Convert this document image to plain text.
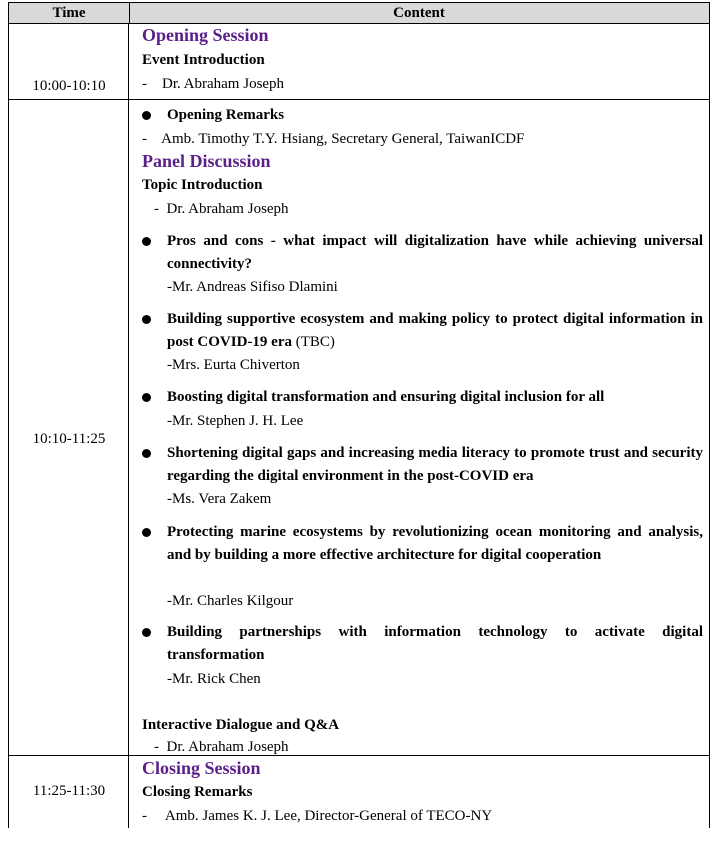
Time	Content
10:00-10:10
Opening Session
Event Introduction
-    Dr. Abraham Joseph
10:10-11:25
Opening Remarks
-    Amb. Timothy T.Y. Hsiang, Secretary General, TaiwanICDF
Panel Discussion
Topic Introduction
-  Dr. Abraham Joseph
Pros and cons - what impact will digitalization have while achieving universal connectivity?
-Mr. Andreas Sifiso Dlamini
Building supportive ecosystem and making policy to protect digital information in post COVID-19 era (TBC)
-Mrs. Eurta Chiverton
Boosting digital transformation and ensuring digital inclusion for all
-Mr. Stephen J. H. Lee
Shortening digital gaps and increasing media literacy to promote trust and security regarding the digital environment in the post-COVID era
-Ms. Vera Zakem
Protecting marine ecosystems by revolutionizing ocean monitoring and analysis, and by building a more effective architecture for digital cooperation
-Mr. Charles Kilgour
Building partnerships with information technology to activate digital transformation
-Mr. Rick Chen
Interactive Dialogue and Q&A
-  Dr. Abraham Joseph
11:25-11:30
Closing Session
Closing Remarks
-     Amb. James K. J. Lee, Director-General of TECO-NY
